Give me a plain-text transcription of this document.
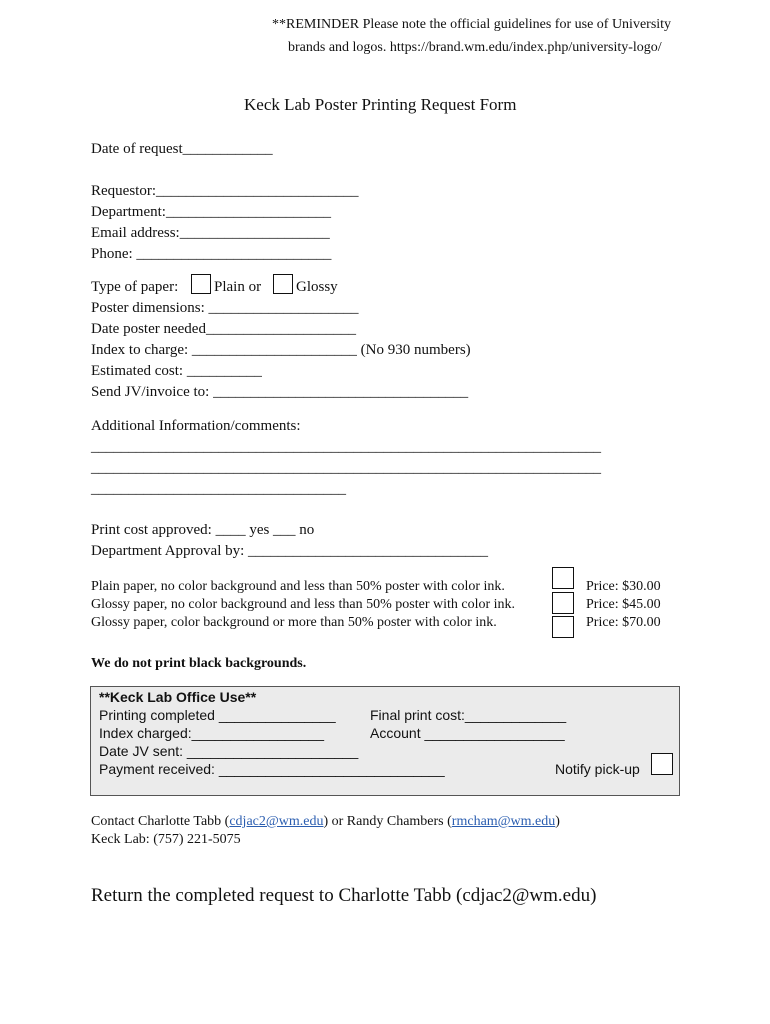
**REMINDER Please note the official guidelines for use of University
brands and logos. https://brand.wm.edu/index.php/university-logo/
Keck Lab Poster Printing Request Form
Date of request____________
Requestor:___________________________
Department:______________________
Email address:____________________
Phone: __________________________
Type of paper: Plain or Glossy
Poster dimensions: ____________________
Date poster needed____________________
Index to charge: ______________________ (No 930 numbers)
Estimated cost: __________
Send JV/invoice to: __________________________________
Additional Information/comments:
____________________________________________________________________
____________________________________________________________________
__________________________________
Print cost approved: ____ yes ___ no
Department Approval by: ________________________________
Plain paper, no color background and less than 50% poster with color ink.	Price: $30.00
Glossy paper, no color background and less than 50% poster with color ink.	Price: $45.00
Glossy paper, color background or more than 50% poster with color ink.	Price: $70.00
We do not print black backgrounds.
**Keck Lab Office Use**
Printing completed _______________ Final print cost:_____________
Index charged:_________________	Account __________________
Date JV sent: ______________________
Payment received: _____________________________	Notify pick-up
Contact Charlotte Tabb (cdjac2@wm.edu) or Randy Chambers (rmcham@wm.edu)
Keck Lab: (757) 221-5075
Return the completed request to Charlotte Tabb (cdjac2@wm.edu)
